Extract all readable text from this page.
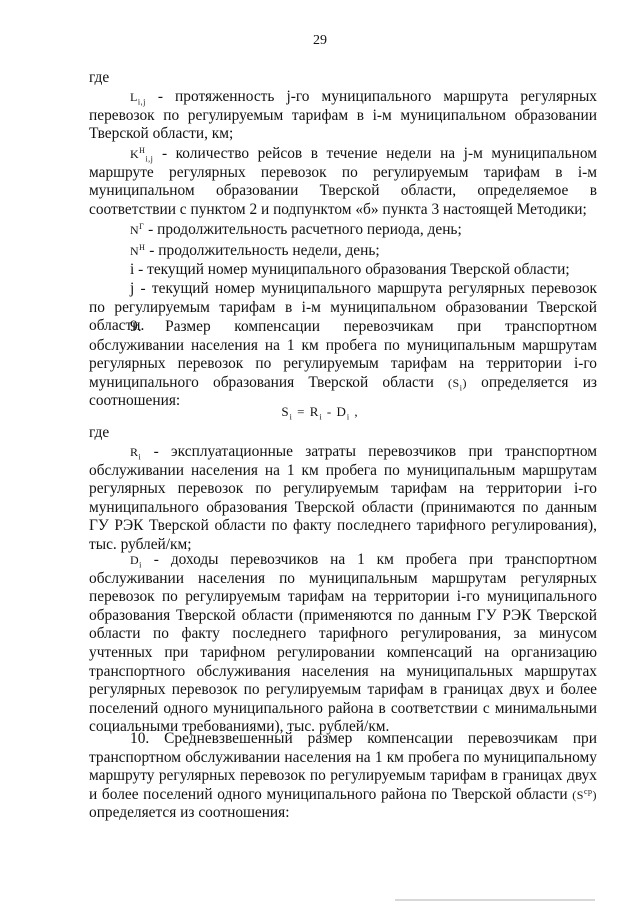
29

где

$L_{i,j}$ - протяженность j-го муниципального маршрута регулярных перевозок по регулируемым тарифам в i-м муниципальном образовании Тверской области, км;

$K^Н_{i,j}$ - количество рейсов в течение недели на j-м муниципальном маршруте регулярных перевозок по регулируемым тарифам в i-м муниципальном образовании Тверской области, определяемое в соответствии с пунктом 2 и подпунктом «б» пункта 3 настоящей Методики;

$N^Г$ - продолжительность расчетного периода, день;

$N^Н$ - продолжительность недели, день;

i - текущий номер муниципального образования Тверской области;

j - текущий номер муниципального маршрута регулярных перевозок по регулируемым тарифам в i-м муниципальном образовании Тверской области.

9. Размер компенсации перевозчикам при транспортном обслуживании населения на 1 км пробега по муниципальным маршрутам регулярных перевозок по регулируемым тарифам на территории i-го муниципального образования Тверской области $(S_i)$ определяется из соотношения:

$S_i = R_i - D_i$ ,

где

$R_i$ - эксплуатационные затраты перевозчиков при транспортном обслуживании населения на 1 км пробега по муниципальным маршрутам регулярных перевозок по регулируемым тарифам на территории i-го муниципального образования Тверской области (принимаются по данным ГУ РЭК Тверской области по факту последнего тарифного регулирования), тыс. рублей/км;

$D_i$ - доходы перевозчиков на 1 км пробега при транспортном обслуживании населения по муниципальным маршрутам регулярных перевозок по регулируемым тарифам на территории i-го муниципального образования Тверской области (применяются по данным ГУ РЭК Тверской области по факту последнего тарифного регулирования, за минусом учтенных при тарифном регулировании компенсаций на организацию транспортного обслуживания населения на муниципальных маршрутах регулярных перевозок по регулируемым тарифам в границах двух и более поселений одного муниципального района в соответствии с минимальными социальными требованиями), тыс. рублей/км.

10. Средневзвешенный размер компенсации перевозчикам при транспортном обслуживании населения на 1 км пробега по муниципальному маршруту регулярных перевозок по регулируемым тарифам в границах двух и более поселений одного муниципального района по Тверской области $(S^{ср})$ определяется из соотношения:
